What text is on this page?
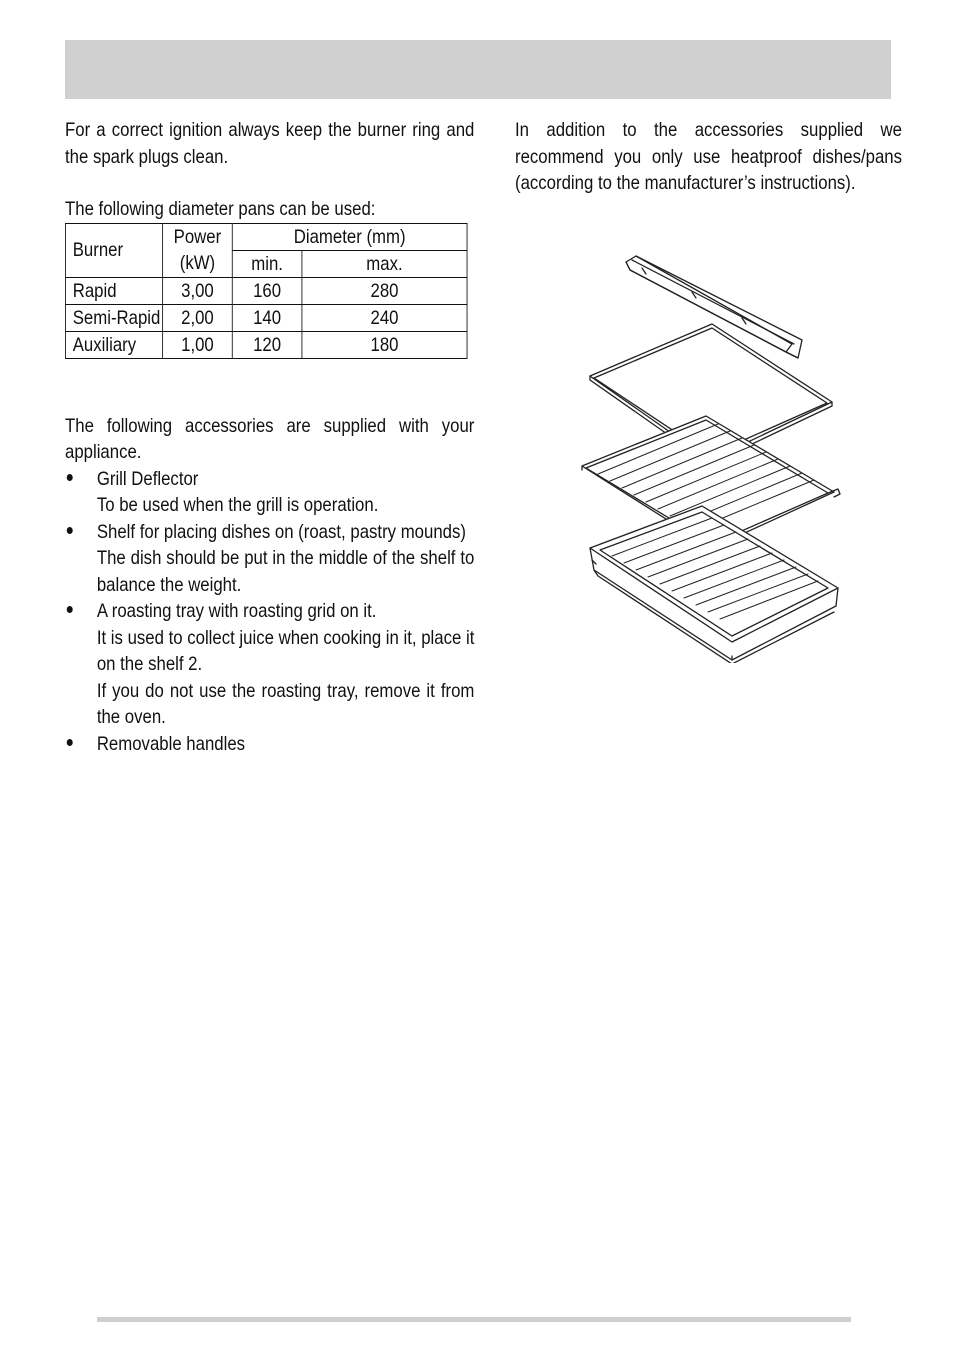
For a correct ignition always keep the burner ring and the spark plugs clean.

The following diameter pans can be used:

Burner	Power (kW)	Diameter (mm)	
		min.	max.
Rapid	3,00	160	280
Semi-Rapid	2,00	140	240
Auxiliary	1,00	120	180

The following accessories are supplied with your appliance.

Grill Deflector
To be used when the grill is operation.
Shelf for placing dishes on (roast, pastry mounds)
The dish should be put in the middle of the shelf to balance the weight.
A roasting tray with roasting grid on it.
It is used to collect juice when cooking in it, place it on the shelf 2.
If you do not use the roasting tray, remove it from the oven.
Removable handles

In addition to the accessories supplied we recommend you only use heatproof dishes/pans (according to the manufacturer’s instructions).
